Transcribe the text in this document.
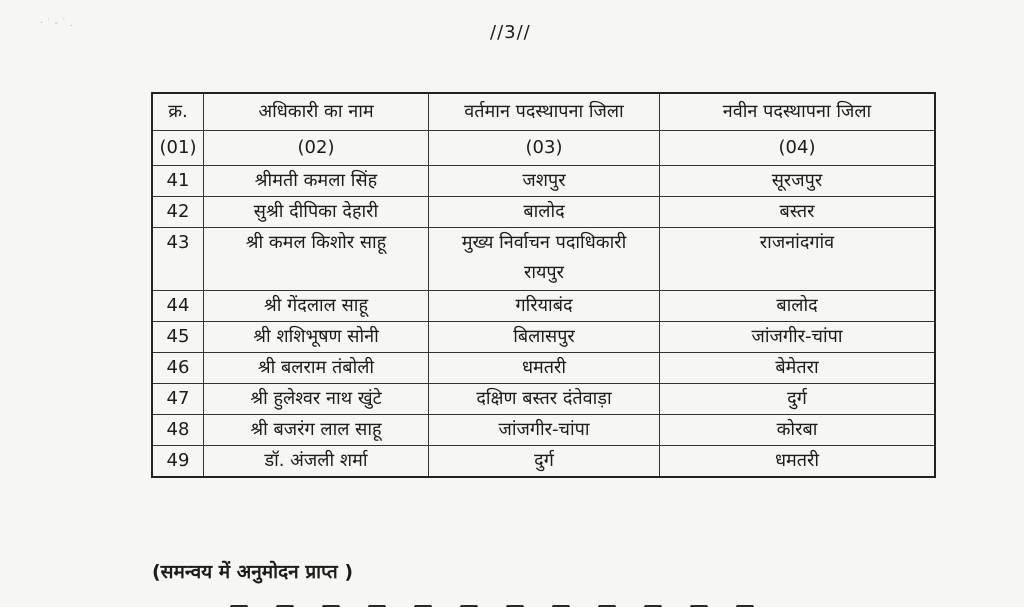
· ˙ ‐ ˙ .	//3//
क्र.	अधिकारी का नाम	वर्तमान पदस्थापना जिला	नवीन पदस्थापना जिला
(01)	(02)	(03)	(04)
41	श्रीमती कमला सिंह	जशपुर	सूरजपुर
42	सुश्री दीपिका देहारी	बालोद	बस्तर
43	श्री कमल किशोर साहू	मुख्य निर्वाचन पदाधिकारी रायपुर	राजनांदगांव
44	श्री गेंदलाल साहू	गरियाबंद	बालोद
45	श्री शशिभूषण सोनी	बिलासपुर	जांजगीर-चांपा
46	श्री बलराम तंबोली	धमतरी	बेमेतरा
47	श्री हुलेश्वर नाथ खुंटे	दक्षिण बस्तर दंतेवाड़ा	दुर्ग
48	श्री बजरंग लाल साहू	जांजगीर-चांपा	कोरबा
49	डॉ. अंजली शर्मा	दुर्ग	धमतरी
(समन्वय में अनुमोदन प्राप्त )
